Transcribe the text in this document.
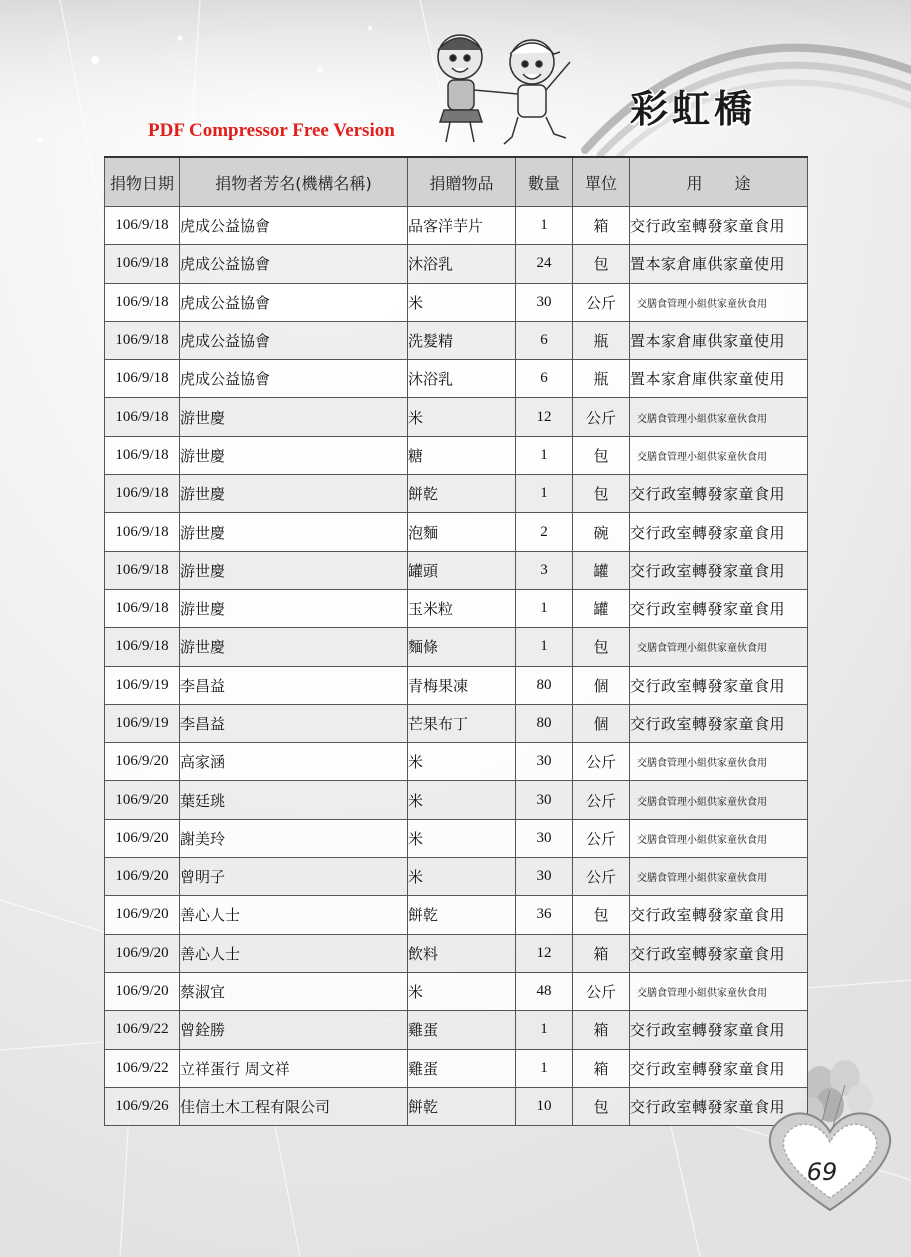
PDF Compressor Free Version	彩虹橋
捐物日期	捐物者芳名(機構名稱)	捐贈物品	數量	單位	用　　途
106/9/18	虎成公益協會	品客洋芋片	1	箱	交行政室轉發家童食用
106/9/18	虎成公益協會	沐浴乳	24	包	置本家倉庫供家童使用
106/9/18	虎成公益協會	米	30	公斤	交膳食管理小組供家童伙食用
106/9/18	虎成公益協會	洗髮精	6	瓶	置本家倉庫供家童使用
106/9/18	虎成公益協會	沐浴乳	6	瓶	置本家倉庫供家童使用
106/9/18	游世慶	米	12	公斤	交膳食管理小組供家童伙食用
106/9/18	游世慶	糖	1	包	交膳食管理小組供家童伙食用
106/9/18	游世慶	餅乾	1	包	交行政室轉發家童食用
106/9/18	游世慶	泡麵	2	碗	交行政室轉發家童食用
106/9/18	游世慶	罐頭	3	罐	交行政室轉發家童食用
106/9/18	游世慶	玉米粒	1	罐	交行政室轉發家童食用
106/9/18	游世慶	麵條	1	包	交膳食管理小組供家童伙食用
106/9/19	李昌益	青梅果凍	80	個	交行政室轉發家童食用
106/9/19	李昌益	芒果布丁	80	個	交行政室轉發家童食用
106/9/20	高家涵	米	30	公斤	交膳食管理小組供家童伙食用
106/9/20	葉廷珧	米	30	公斤	交膳食管理小組供家童伙食用
106/9/20	謝美玲	米	30	公斤	交膳食管理小組供家童伙食用
106/9/20	曾明子	米	30	公斤	交膳食管理小組供家童伙食用
106/9/20	善心人士	餅乾	36	包	交行政室轉發家童食用
106/9/20	善心人士	飲料	12	箱	交行政室轉發家童食用
106/9/20	蔡淑宜	米	48	公斤	交膳食管理小組供家童伙食用
106/9/22	曾銓勝	雞蛋	1	箱	交行政室轉發家童食用
106/9/22	立祥蛋行 周文祥	雞蛋	1	箱	交行政室轉發家童食用
106/9/26	佳信土木工程有限公司	餅乾	10	包	交行政室轉發家童食用
69
